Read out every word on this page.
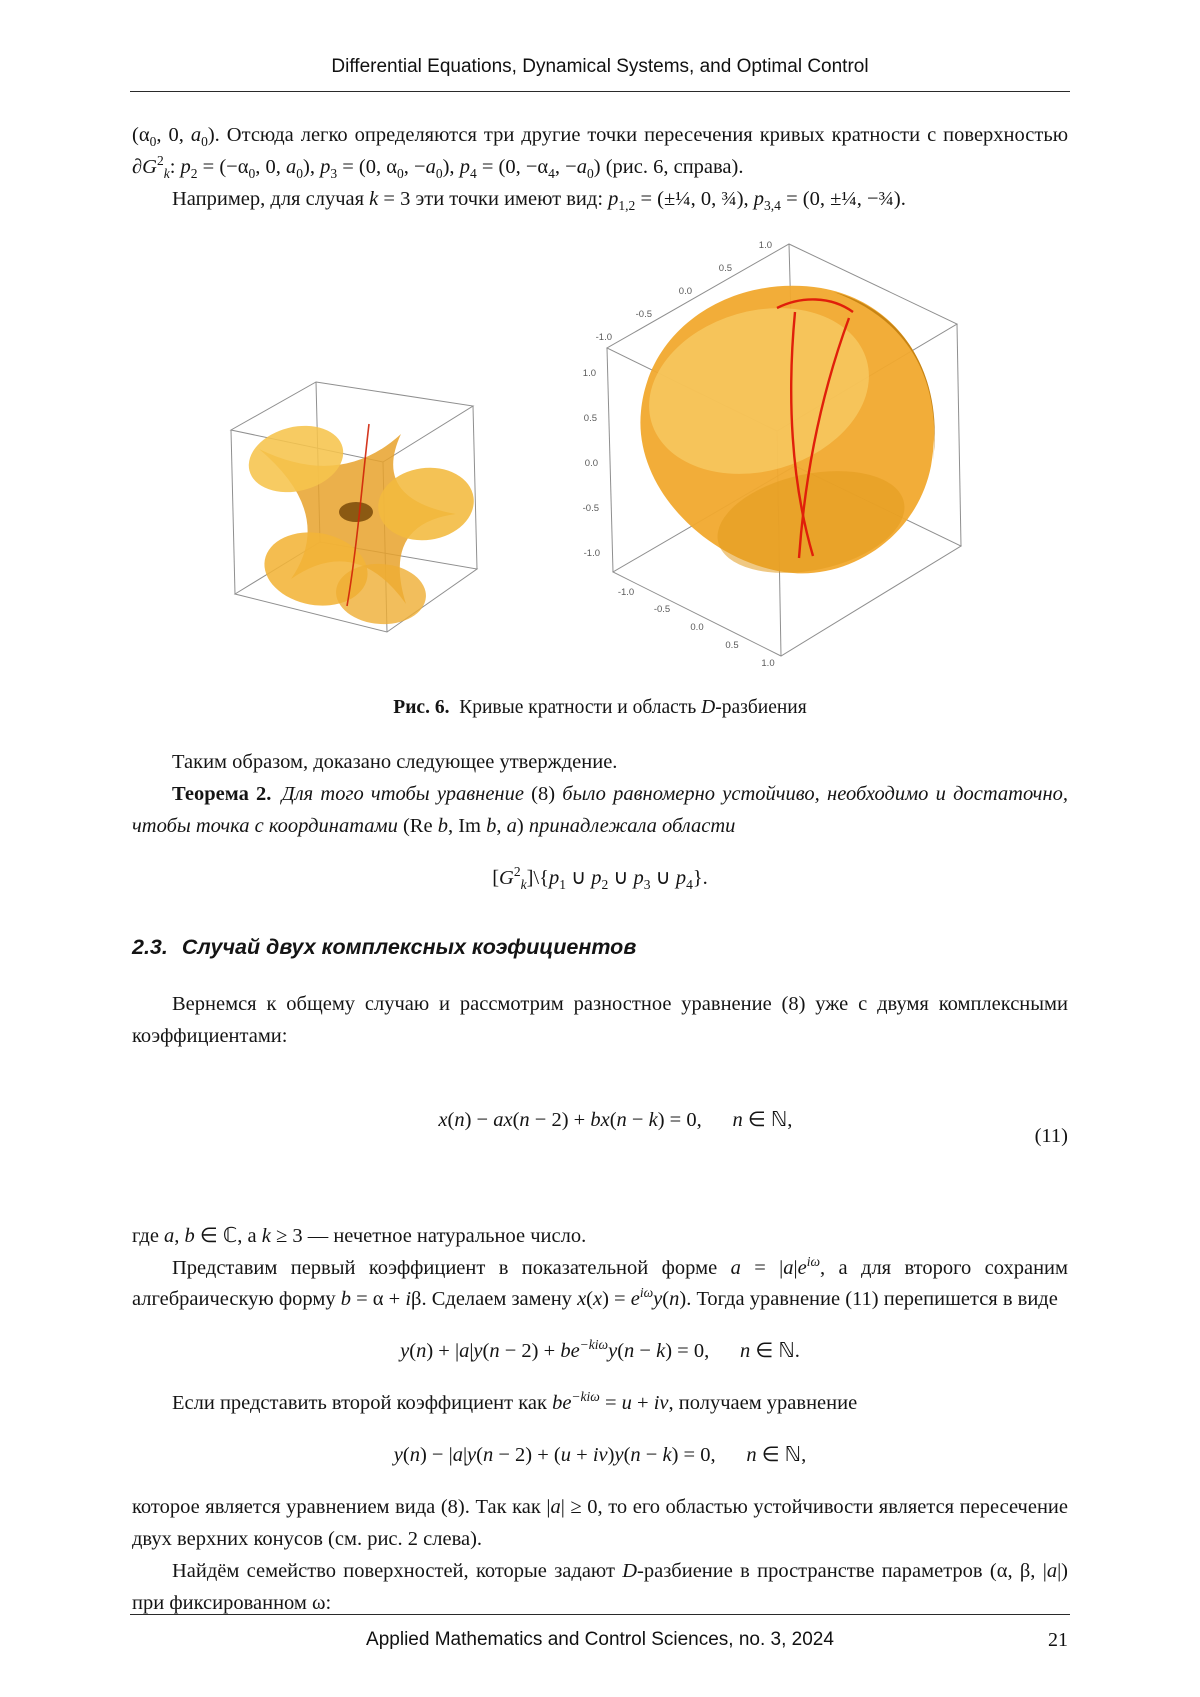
Differential Equations, Dynamical Systems, and Optimal Control

($\alpha_0$, 0, $a_0$). Отсюда легко определяются три другие точки пересечения кривых кратности с поверхностью $\partial G^2_k$: $p_2 = (-\alpha_0$, 0, $a_0$), $p_3 = (0$, $\alpha_0$, $-a_0$), $p_4 = (0$, $-\alpha_4$, $-a_0$) (рис. 6, справа).

Например, для случая k = 3 эти точки имеют вид: $p_{1,2}$ = (±¼, 0, ¾), $p_{3,4} = (0$, ±¼, −¾).

1.0
0.5
0.0
-0.5
-1.0
1.0
0.5
0.0
-0.5
-1.0
-1.0
-0.5
0.0
0.5
1.0

Рис. 6. Кривые кратности и область D-разбиения

Таким образом, доказано следующее утверждение.

Теорема 2.  Для того чтобы уравнение (8) было равномерно устойчиво, необходимо и достаточно, чтобы точка с координатами (Re b, Im b, a) принадлежала области

$[G^2_k]\backslash\{p_1$ ∪ $p_2$ ∪ $p_3$ ∪ $p_4$}.
2.3. Случай двух комплексных коэфициентов

Вернемся к общему случаю и рассмотрим разностное уравнение (8) уже с двумя комплексными коэффициентами:

x(n) − ax(n − 2) + bx(n − k) = 0,   n ∈ ℕ,

(11)

где a, b ∈ ℂ, а k ≥ 3 — нечетное натуральное число.

Представим первый коэффициент в показательной форме $a = |a|e^{i\omega}$, а для второго сохраним алгебраическую форму b = α + iβ. Сделаем замену $x(x) = e^{i\omega}y(n)$. Тогда уравнение (11) перепишется в виде

$y(n) + |a|y(n - 2) + be^{-ki\omega}y(n - k) = 0$,   n ∈ ℕ.

Если представить второй коэффициент как $be^{-ki\omega} = u$ + iv, получаем уравнение

y(n) − |a|y(n − 2) + (u + iv)y(n − k) = 0,   n ∈ ℕ,

которое является уравнением вида (8). Так как |a| ≥ 0, то его областью устойчивости является пересечение двух верхних конусов (см. рис. 2 слева).

Найдём семейство поверхностей, которые задают D-разбиение в пространстве параметров (α, β, |a|) при фиксированном ω:

Applied Mathematics and Control Sciences, no. 3, 2024	21
